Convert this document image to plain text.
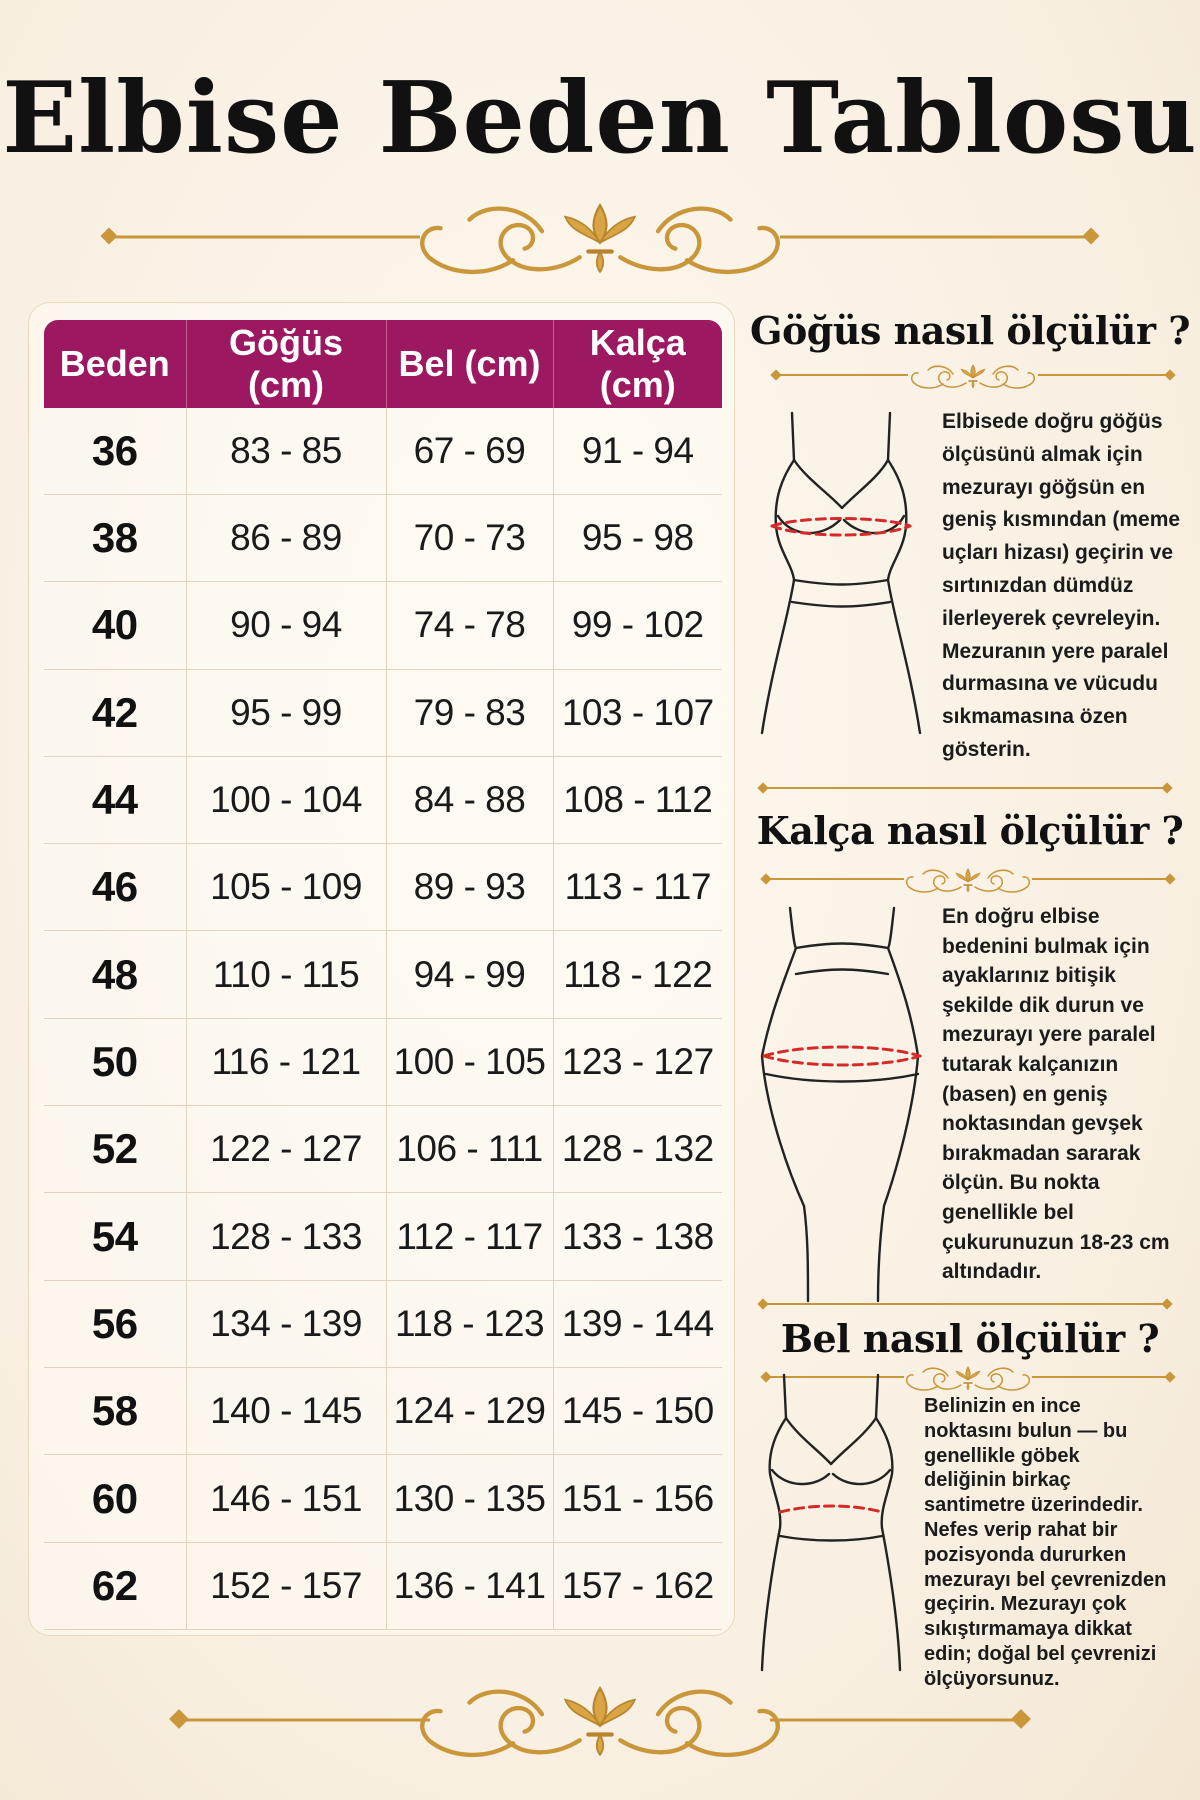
Elbise Beden Tablosu
Beden	Göğüs (cm)	Bel (cm)	Kalça (cm)
36	83 - 85	67 - 69	91 - 94
38	86 - 89	70 - 73	95 - 98
40	90 - 94	74 - 78	99 - 102
42	95 - 99	79 - 83	103 - 107
44	100 - 104	84 - 88	108 - 112
46	105 - 109	89 - 93	113 - 117
48	110 - 115	94 - 99	118 - 122
50	116 - 121	100 - 105	123 - 127
52	122 - 127	106 - 111	128 - 132
54	128 - 133	112 - 117	133 - 138
56	134 - 139	118 - 123	139 - 144
58	140 - 145	124 - 129	145 - 150
60	146 - 151	130 - 135	151 - 156
62	152 - 157	136 - 141	157 - 162
Göğüs nasıl ölçülür ?
Elbisede doğru göğüs
ölçüsünü almak için
mezurayı göğsün en
geniş kısmından (meme
uçları hizası) geçirin ve
sırtınızdan dümdüz
ilerleyerek çevreleyin.
Mezuranın yere paralel
durmasına ve vücudu
sıkmamasına özen
gösterin.
Kalça nasıl ölçülür ?
En doğru elbise
bedenini bulmak için
ayaklarınız bitişik
şekilde dik durun ve
mezurayı yere paralel
tutarak kalçanızın
(basen) en geniş
noktasından gevşek
bırakmadan sararak
ölçün. Bu nokta
genellikle bel
çukurunuzun 18-23 cm
altındadır.
Bel nasıl ölçülür ?
Belinizin en ince
noktasını bulun — bu
genellikle göbek
deliğinin birkaç
santimetre üzerindedir.
Nefes verip rahat bir
pozisyonda dururken
mezurayı bel çevrenizden
geçirin. Mezurayı çok
sıkıştırmamaya dikkat
edin; doğal bel çevrenizi
ölçüyorsunuz.
